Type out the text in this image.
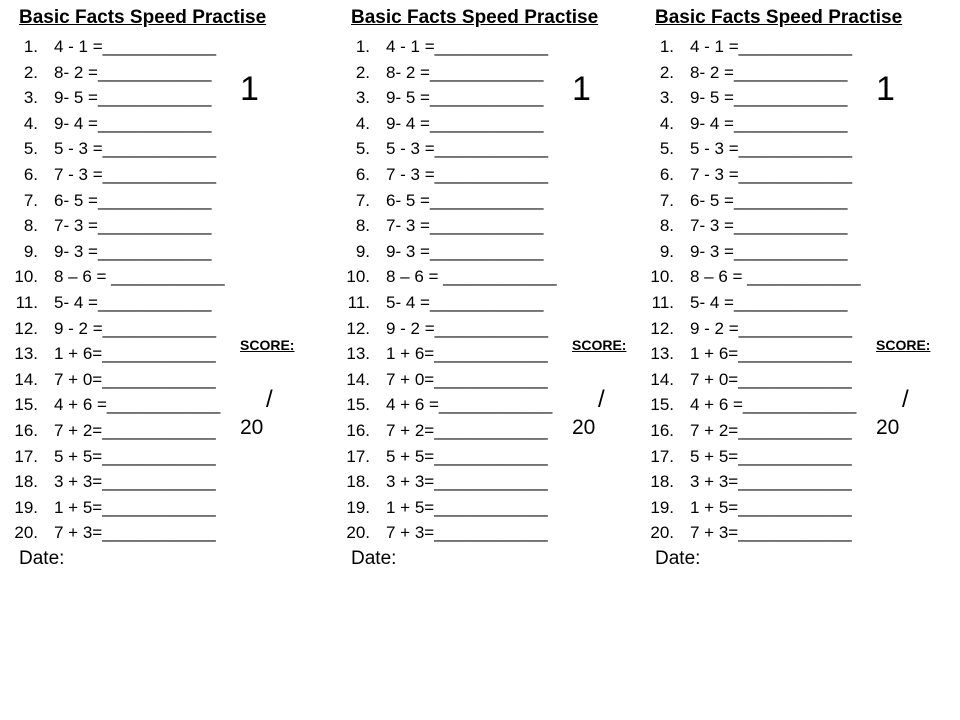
Basic Facts Speed Practise
1. 4 - 1 =____________
2. 8- 2 =____________
3. 9- 5 =____________
4. 9- 4 =____________
5. 5 - 3 =____________
6. 7 - 3 =____________
7. 6- 5 =____________
8. 7- 3 =____________
9. 9- 3 =____________
10. 8 – 6 = ____________
11. 5- 4 =____________
12. 9 - 2 =____________
13. 1 + 6=____________
14. 7 + 0=____________
15. 4 + 6 =____________
16. 7 + 2=____________
17. 5 + 5=____________
18. 3 + 3=____________
19. 1 + 5=____________
20. 7 + 3=____________
1
SCORE:
/
20
Date:
Basic Facts Speed Practise
1. 4 - 1 =____________
2. 8- 2 =____________
3. 9- 5 =____________
4. 9- 4 =____________
5. 5 - 3 =____________
6. 7 - 3 =____________
7. 6- 5 =____________
8. 7- 3 =____________
9. 9- 3 =____________
10. 8 – 6 = ____________
11. 5- 4 =____________
12. 9 - 2 =____________
13. 1 + 6=____________
14. 7 + 0=____________
15. 4 + 6 =____________
16. 7 + 2=____________
17. 5 + 5=____________
18. 3 + 3=____________
19. 1 + 5=____________
20. 7 + 3=____________
1
SCORE:
/
20
Date:
Basic Facts Speed Practise
1. 4 - 1 =____________
2. 8- 2 =____________
3. 9- 5 =____________
4. 9- 4 =____________
5. 5 - 3 =____________
6. 7 - 3 =____________
7. 6- 5 =____________
8. 7- 3 =____________
9. 9- 3 =____________
10. 8 – 6 = ____________
11. 5- 4 =____________
12. 9 - 2 =____________
13. 1 + 6=____________
14. 7 + 0=____________
15. 4 + 6 =____________
16. 7 + 2=____________
17. 5 + 5=____________
18. 3 + 3=____________
19. 1 + 5=____________
20. 7 + 3=____________
1
SCORE:
/
20
Date:
